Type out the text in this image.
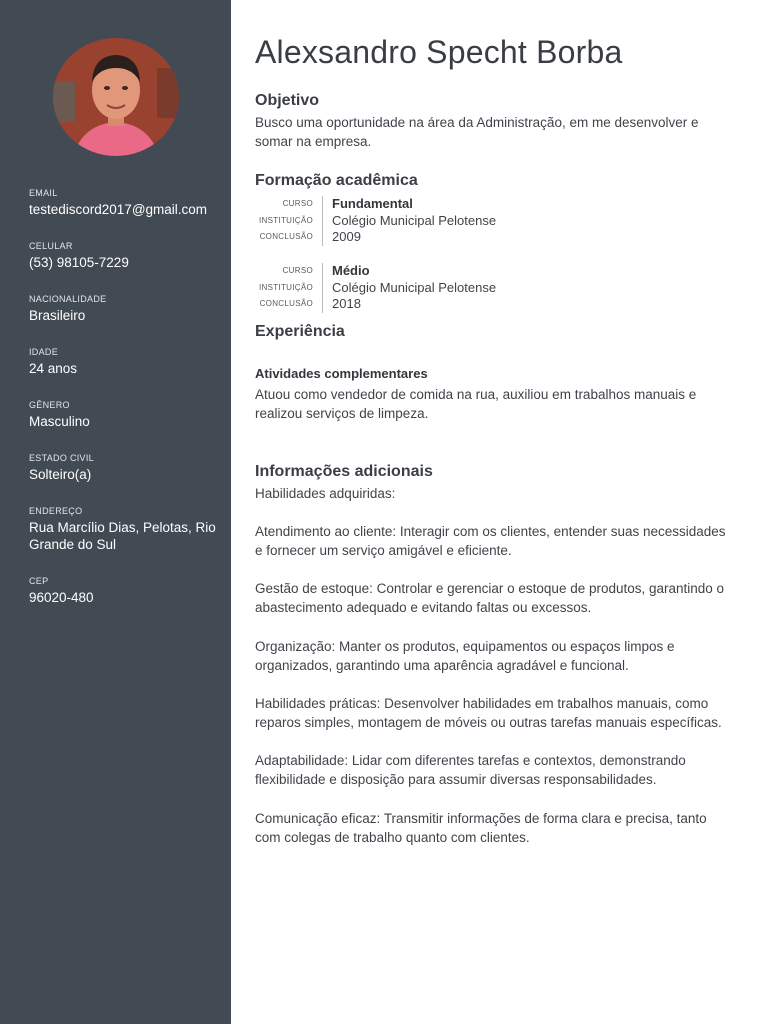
EMAIL
testediscord2017@gmail.com
CELULAR
(53) 98105-7229
NACIONALIDADE
Brasileiro
IDADE
24 anos
GÊNERO
Masculino
ESTADO CIVIL
Solteiro(a)
ENDEREÇO
Rua Marcílio Dias, Pelotas, Rio Grande do Sul
CEP
96020-480
Alexsandro Specht Borba
Objetivo
Busco uma oportunidade na área da Administração, em me desenvolver e somar na empresa.
Formação acadêmica
CURSO
INSTITUIÇÃO
CONCLUSÃO
Fundamental
Colégio Municipal Pelotense
2009
CURSO
INSTITUIÇÃO
CONCLUSÃO
Médio
Colégio Municipal Pelotense
2018
Experiência
Atividades complementares
Atuou como vendedor de comida na rua, auxiliou em trabalhos manuais e realizou serviços de limpeza.
Informações adicionais
Habilidades adquiridas:
Atendimento ao cliente: Interagir com os clientes, entender suas necessidades e fornecer um serviço amigável e eficiente.
Gestão de estoque: Controlar e gerenciar o estoque de produtos, garantindo o abastecimento adequado e evitando faltas ou excessos.
Organização: Manter os produtos, equipamentos ou espaços limpos e organizados, garantindo uma aparência agradável e funcional.
Habilidades práticas: Desenvolver habilidades em trabalhos manuais, como reparos simples, montagem de móveis ou outras tarefas manuais específicas.
Adaptabilidade: Lidar com diferentes tarefas e contextos, demonstrando flexibilidade e disposição para assumir diversas responsabilidades.
Comunicação eficaz: Transmitir informações de forma clara e precisa, tanto com colegas de trabalho quanto com clientes.
